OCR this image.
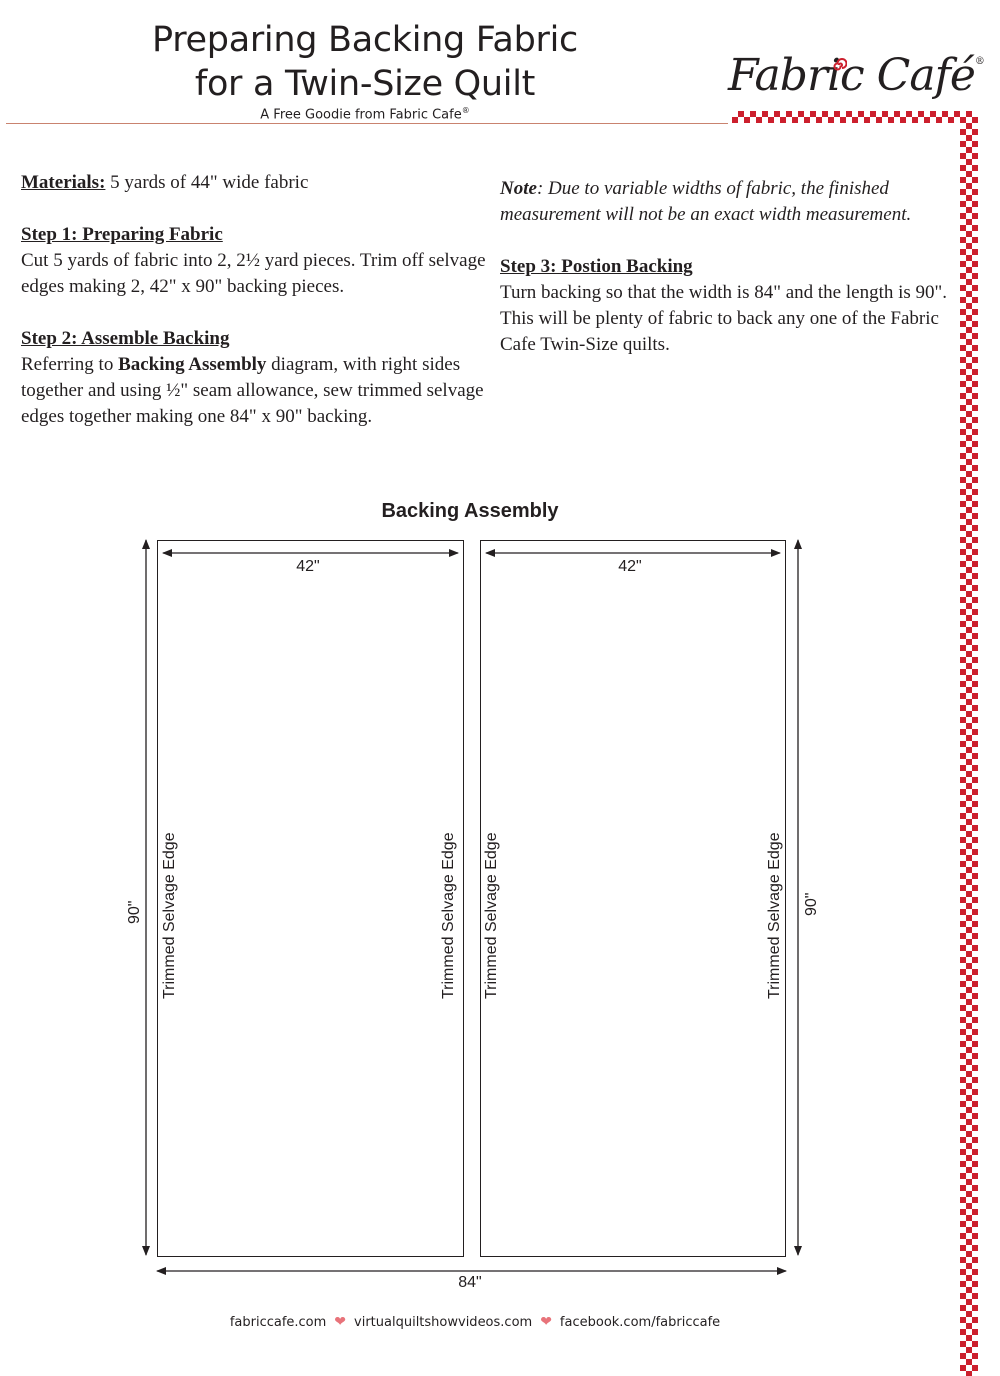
Preparing Backing Fabric
for a Twin-Size Quilt
A Free Goodie from Fabric Cafe®
Fabric Café®

Materials: 5 yards of 44" wide fabric

Step 1: Preparing Fabric

Cut 5 yards of fabric into 2, 2½ yard pieces. Trim off selvage edges making 2, 42" x 90" backing pieces.

Step 2: Assemble Backing

Referring to Backing Assembly diagram, with right sides together and using ½" seam allowance, sew trimmed selvage edges together making one 84" x 90" backing.

Note: Due to variable widths of fabric, the finished measurement will not be an exact width measurement.

Step 3: Postion Backing

Turn backing so that the width is 84" and the length is 90". This will be plenty of fabric to back any one of the Fabric Cafe Twin-Size quilts.

Backing Assembly
42"	42"
84"
90"	90"
Trimmed Selvage Edge	Trimmed Selvage Edge Trimmed Selvage Edge	Trimmed Selvage Edge
fabriccafe.com ❤ virtualquiltshowvideos.com ❤ facebook.com/fabriccafe
